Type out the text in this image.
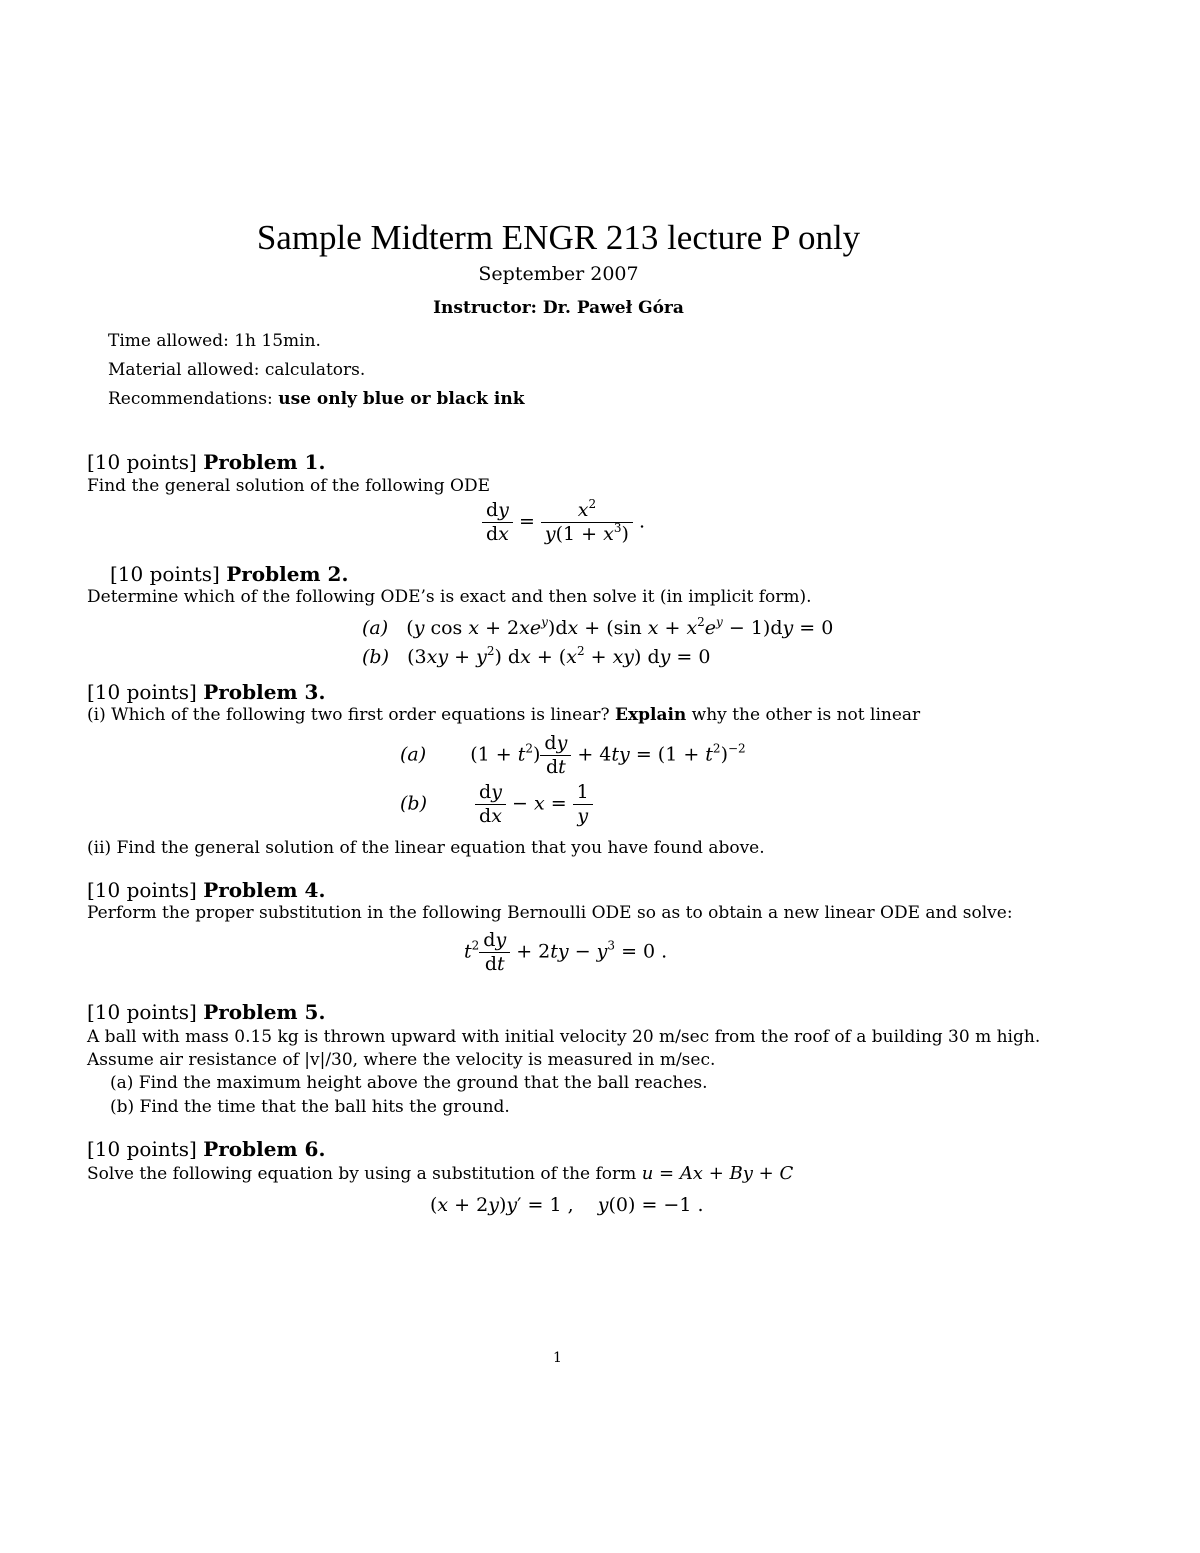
Sample Midterm ENGR 213 lecture P only
September 2007
Instructor: Dr. Paweł Góra
Time allowed: 1h 15min.
Material allowed: calculators.
Recommendations: use only blue or black ink
[10 points] Problem 1.
Find the general solution of the following ODE
$\frac{dy}{dx} = \frac{x^2}{y(1 + x^3)}$ .
[10 points] Problem 2.
Determine which of the following ODE’s is exact and then solve it (in implicit form).
(a)   (y $\cos x + 2xe^y)dx + (\sin$ $x + x^2e^y - 1)dy = 0$
(b)   $(3xy + y^2)$ dx + $(x^2 + xy)$ dy = 0
[10 points] Problem 3.
(i) Which of the following two first order equations is linear? Explain why the other is not linear
(a) $(1 + t^2) \frac{dy}{dt} + 4ty = (1 + t^2)^{-2}$
(b)	$\frac{dy}{dx} - x = \frac{1}{y}$
(ii) Find the general solution of the linear equation that you have found above.
[10 points] Problem 4.
Perform the proper substitution in the following Bernoulli ODE so as to obtain a new linear ODE and solve:
$t^2 \frac{dy}{dt} + 2ty - y^3 = 0$ .
[10 points] Problem 5.
A ball with mass 0.15 kg is thrown upward with initial velocity 20 m/sec from the roof of a building 30 m high.
Assume air resistance of |v|/30, where the velocity is measured in m/sec.
(a) Find the maximum height above the ground that the ball reaches.
(b) Find the time that the ball hits the ground.
[10 points] Problem 6.
Solve the following equation by using a substitution of the form u = Ax + By + C
(x + 2y)y′ = 1 ,    y(0) = −1 .
1
